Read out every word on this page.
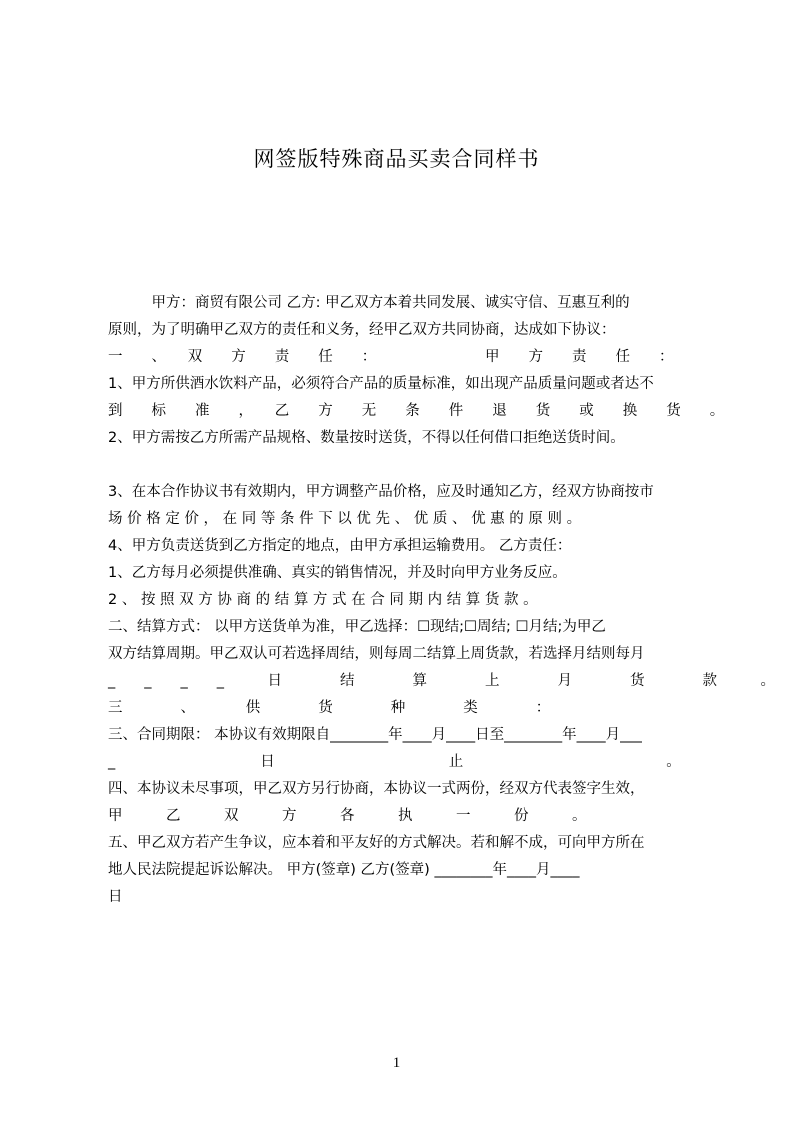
网签版特殊商品买卖合同样书
　　　甲方：商贸有限公司 乙方: 甲乙双方本着共同发展、诚实守信、互惠互利的
原则，为了明确甲乙双方的责任和义务，经甲乙双方共同协商，达成如下协议：
一　　、　　双　　方　　责　　任　　：　　　　　　　　甲　　方　　责　　任　　：
1、甲方所供酒水饮料产品，必须符合产品的质量标准，如出现产品质量问题或者达不
到　　标　　准　　，　　乙　　方　　无　　条　　件　　退　　货　　或　　换　　货　　。
2、甲方需按乙方所需产品规格、数量按时送货，不得以任何借口拒绝送货时间。
3、在本合作协议书有效期内，甲方调整产品价格，应及时通知乙方，经双方协商按市
场 价 格 定 价 ， 在 同 等 条 件 下 以 优 先 、 优 质 、 优 惠 的 原 则 。
4、甲方负责送货到乙方指定的地点，由甲方承担运输费用。 乙方责任：
1、乙方每月必须提供准确、真实的销售情况，并及时向甲方业务反应。
2 、 按 照 双 方 协 商 的 结 算 方 式 在 合 同 期 内 结 算 货 款 。
二、结算方式： 以甲方送货单为准，甲乙选择：☐现结;☐周结; ☐月结;为甲乙
双方结算周期。甲乙双认可若选择周结，则每周二结算上周货款，若选择月结则每月
_　　_　　_　　_　　　日　　　　结　　　　算　　　　上　　　　月　　　　货　　　　款　　　。
三　　　　、　　　　供　　　　货　　　　种　　　　类　　　　：
三、合同期限： 本协议有效期限自________年____月____日至________年____月___
_　　　　　　　　　　日　　　　　　　　　　　　止　　　　　　　　　　　　　　。
四、本协议未尽事项，甲乙双方另行协商，本协议一式两份，经双方代表签字生效，
甲　　　乙　　　双　　　方　　　各　　　执　　　一　　　份　　　。
五、甲乙双方若产生争议，应本着和平友好的方式解决。若和解不成，可向甲方所在
地人民法院提起诉讼解决。 甲方(签章) 乙方(签章) ________年____月____
日
1
